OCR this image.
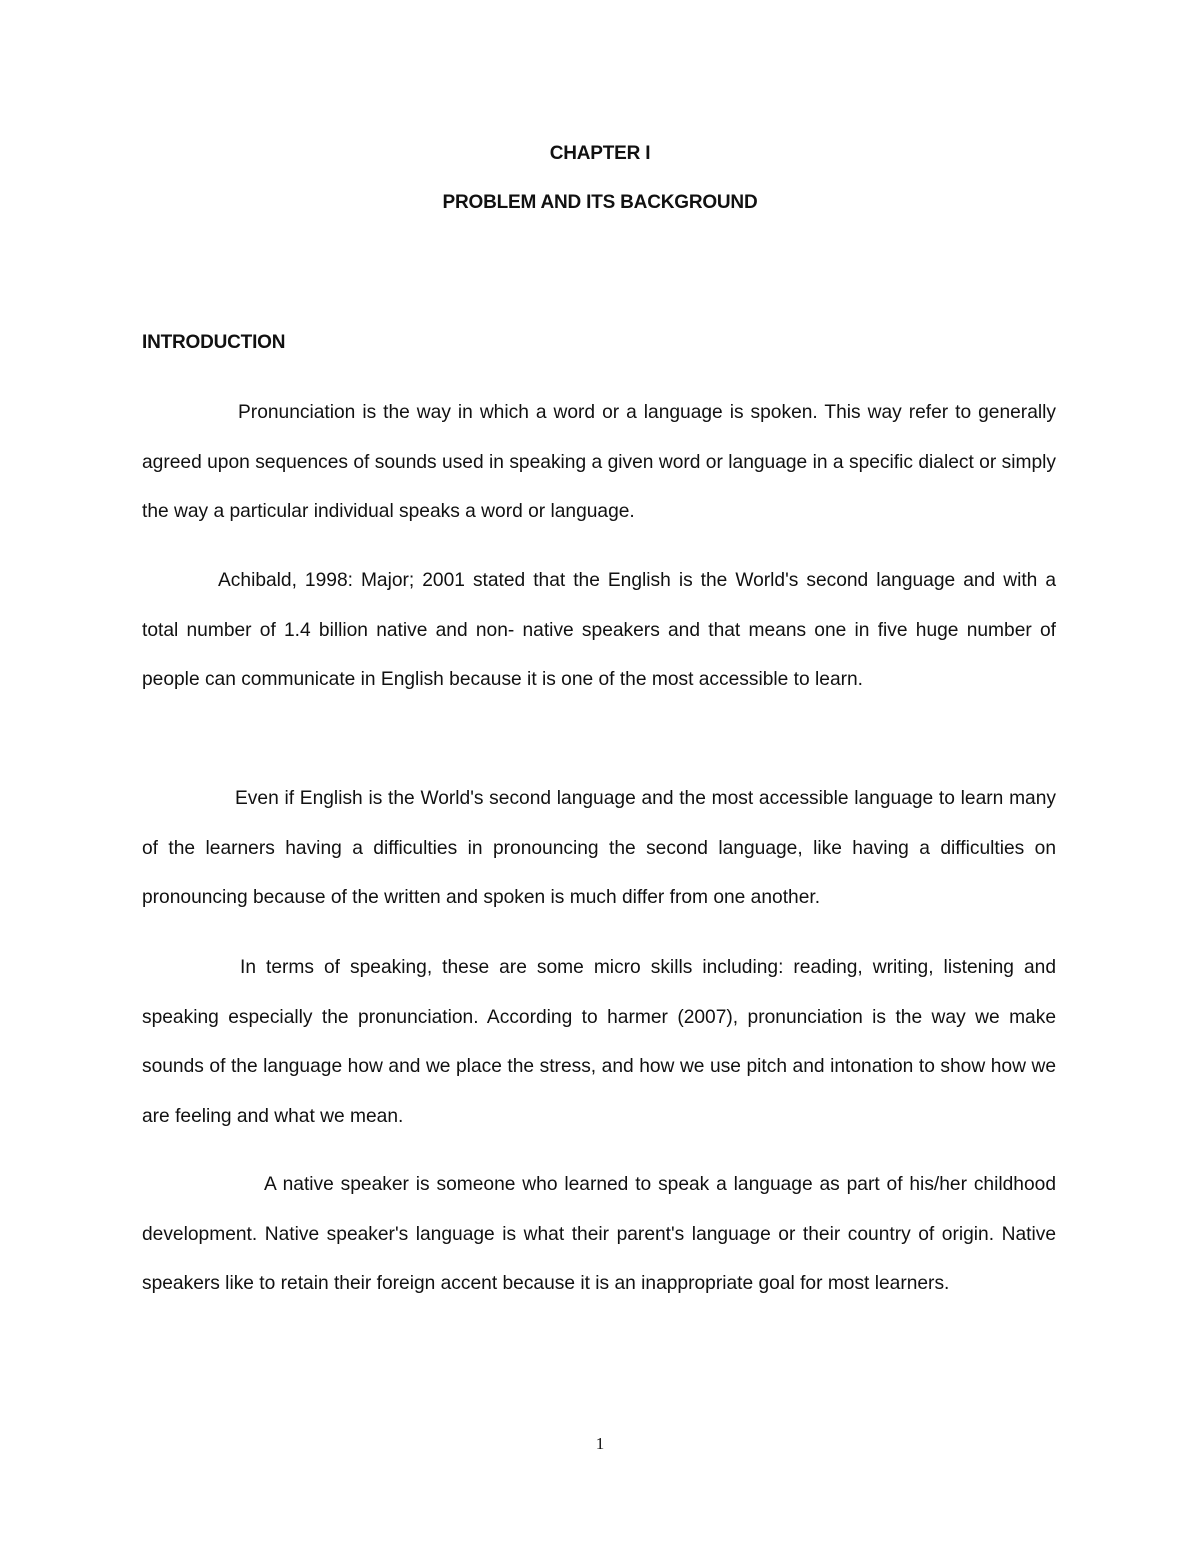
CHAPTER I
PROBLEM AND ITS BACKGROUND
INTRODUCTION

Pronunciation is the way in which a word or a language is spoken. This way refer to generally agreed upon sequences of sounds used in speaking a given word or language in a specific dialect or simply the way a particular individual speaks a word or language.

Achibald, 1998: Major; 2001 stated that the English is the World's second language and with a total number of 1.4 billion native and non- native speakers and that means one in five huge number of people can communicate in English because it is one of the most accessible to learn.

Even if English is the World's second language and the most accessible language to learn many of the learners having a difficulties in pronouncing the second language, like having a difficulties on pronouncing because of the written and spoken is much differ from one another.

In terms of speaking, these are some micro skills including: reading, writing, listening and speaking especially the pronunciation. According to harmer (2007), pronunciation is the way we make sounds of the language how and we place the stress, and how we use pitch and intonation to show how we are feeling and what we mean.

A native speaker is someone who learned to speak a language as part of his/her childhood development. Native speaker's language is what their parent's language or their country of origin. Native speakers like to retain their foreign accent because it is an inappropriate goal for most learners.

1
